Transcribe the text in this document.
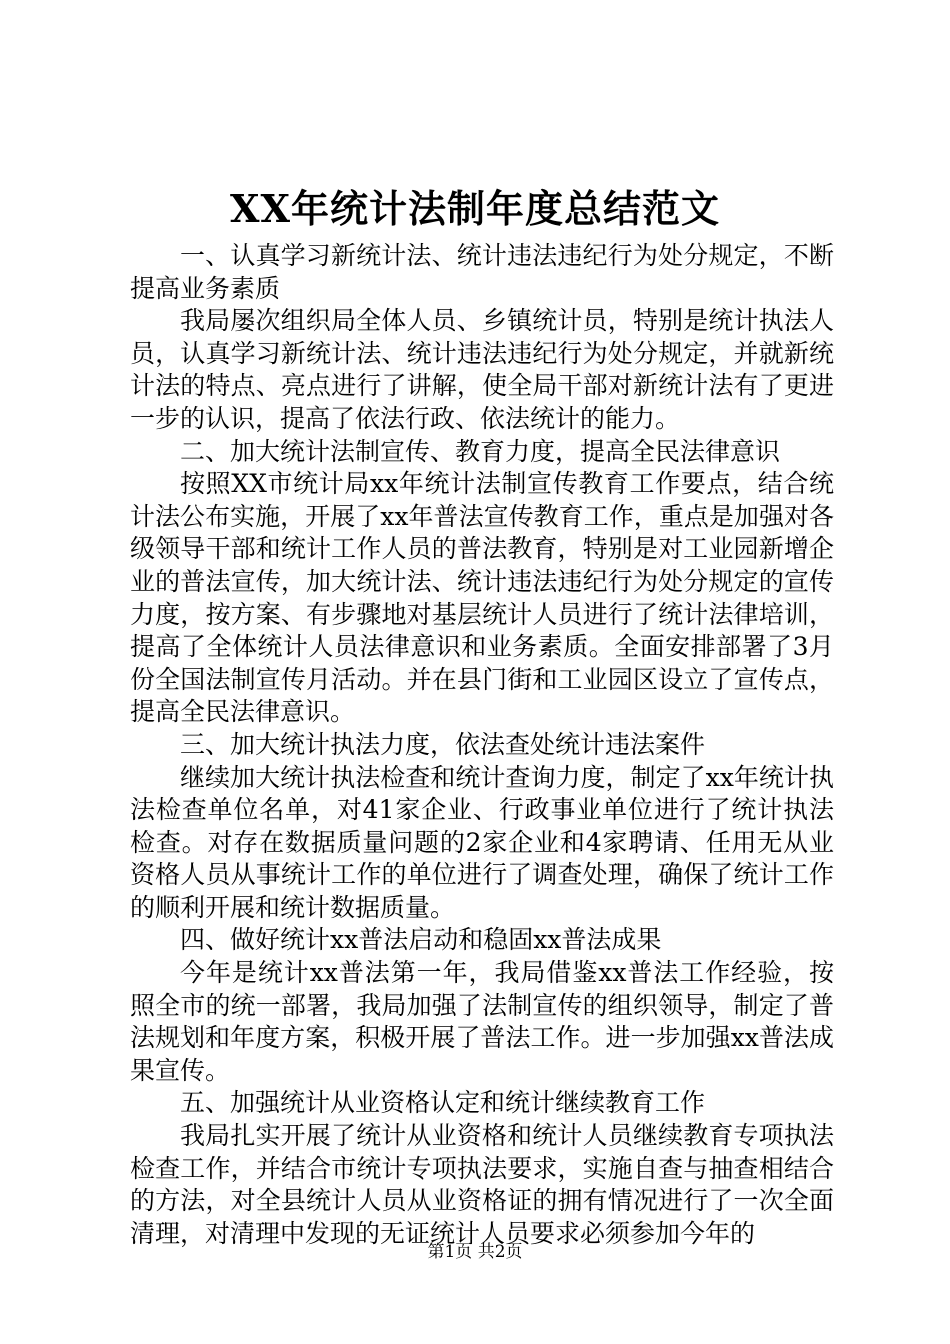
XX年统计法制年度总结范文

一、认真学习新统计法、统计违法违纪行为处分规定，不断提高业务素质

我局屡次组织局全体人员、乡镇统计员，特别是统计执法人员，认真学习新统计法、统计违法违纪行为处分规定，并就新统计法的特点、亮点进行了讲解，使全局干部对新统计法有了更进一步的认识，提高了依法行政、依法统计的能力。

二、加大统计法制宣传、教育力度，提高全民法律意识

按照XX市统计局xx年统计法制宣传教育工作要点，结合统计法公布实施，开展了xx年普法宣传教育工作，重点是加强对各级领导干部和统计工作人员的普法教育，特别是对工业园新增企业的普法宣传，加大统计法、统计违法违纪行为处分规定的宣传力度，按方案、有步骤地对基层统计人员进行了统计法律培训，提高了全体统计人员法律意识和业务素质。全面安排部署了3月份全国法制宣传月活动。并在县门街和工业园区设立了宣传点，提高全民法律意识。

三、加大统计执法力度，依法查处统计违法案件

继续加大统计执法检查和统计查询力度，制定了xx年统计执法检查单位名单，对41家企业、行政事业单位进行了统计执法检查。对存在数据质量问题的2家企业和4家聘请、任用无从业资格人员从事统计工作的单位进行了调查处理，确保了统计工作的顺利开展和统计数据质量。

四、做好统计xx普法启动和稳固xx普法成果

今年是统计xx普法第一年，我局借鉴xx普法工作经验，按照全市的统一部署，我局加强了法制宣传的组织领导，制定了普法规划和年度方案，积极开展了普法工作。进一步加强xx普法成果宣传。

五、加强统计从业资格认定和统计继续教育工作

我局扎实开展了统计从业资格和统计人员继续教育专项执法检查工作，并结合市统计专项执法要求，实施自查与抽查相结合的方法，对全县统计人员从业资格证的拥有情况进行了一次全面清理，对清理中发现的无证统计人员要求必须参加今年的

第1页 共2页
